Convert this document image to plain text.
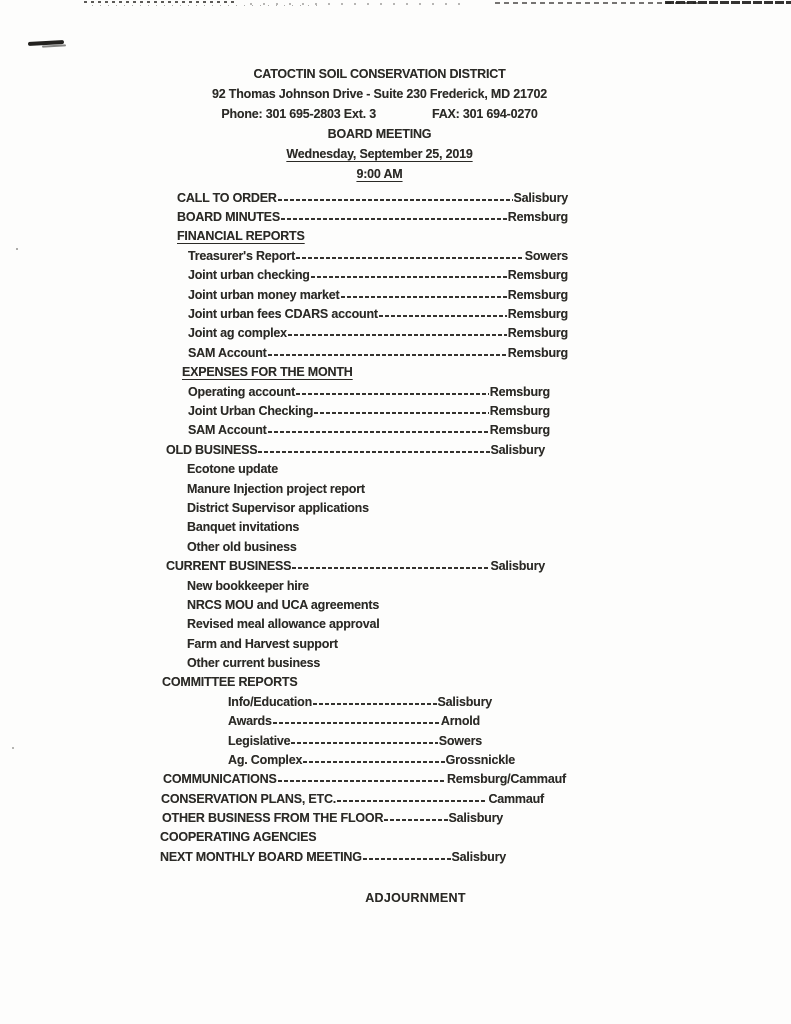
CATOCTIN SOIL CONSERVATION DISTRICT
92 Thomas Johnson Drive - Suite 230 Frederick, MD 21702
Phone: 301 695-2803 Ext. 3	FAX: 301 694-0270
BOARD MEETING
Wednesday, September 25, 2019
9:00 AM
CALL TO ORDER	Salisbury
BOARD MINUTES	Remsburg
FINANCIAL REPORTS
Treasurer's Report	Sowers
Joint urban checking	Remsburg
Joint urban money market	Remsburg
Joint urban fees CDARS account	Remsburg
Joint ag complex	Remsburg
SAM Account	Remsburg
EXPENSES FOR THE MONTH
Operating account	Remsburg
Joint Urban Checking	Remsburg
SAM Account	Remsburg
OLD BUSINESS	Salisbury
Ecotone update
Manure Injection project report
District Supervisor applications
Banquet invitations
Other old business
CURRENT BUSINESS	Salisbury
New bookkeeper hire
NRCS MOU and UCA agreements
Revised meal allowance approval
Farm and Harvest support
Other current business
COMMITTEE REPORTS
Info/Education	Salisbury
Awards	Arnold
Legislative	Sowers
Ag. Complex	Grossnickle
COMMUNICATIONS	Remsburg/Cammauf
CONSERVATION PLANS, ETC.	Cammauf
OTHER BUSINESS FROM THE FLOOR	Salisbury
COOPERATING AGENCIES
NEXT MONTHLY BOARD MEETING	Salisbury
ADJOURNMENT
